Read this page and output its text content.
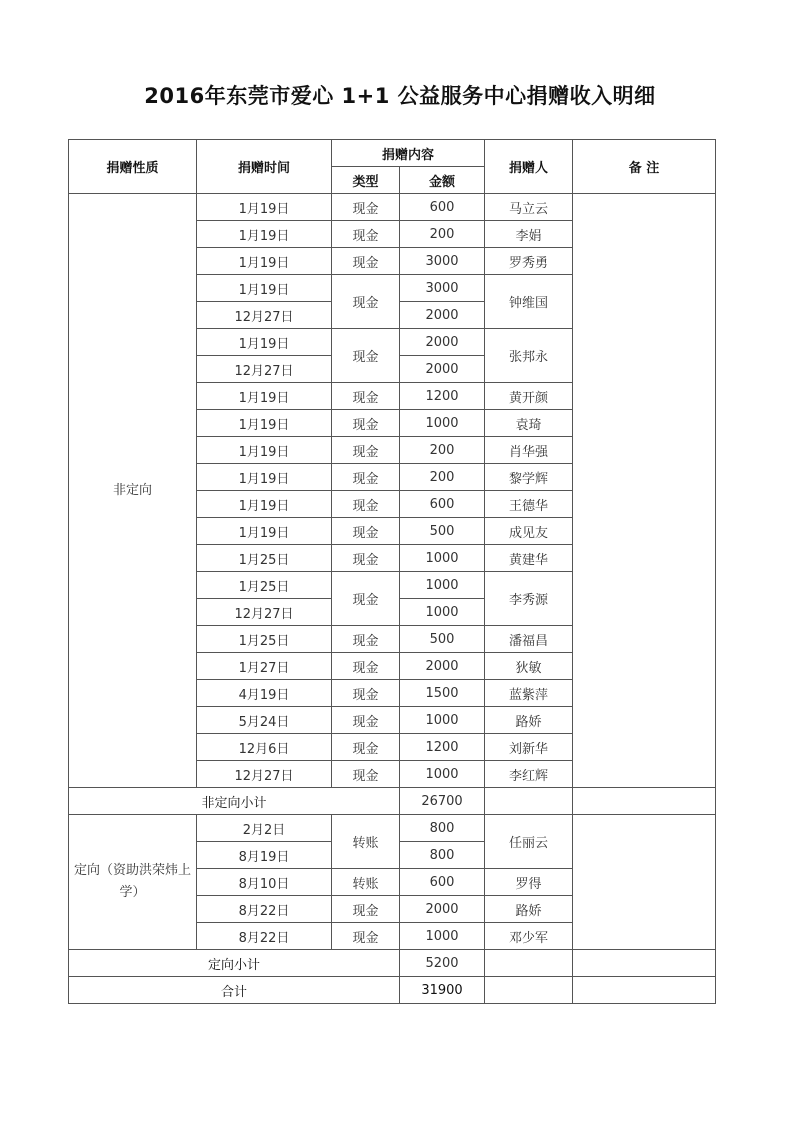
2016年东莞市爱心 1+1 公益服务中心捐赠收入明细
捐赠性质	捐赠时间	捐赠内容		捐赠人	备 注
		类型	金额		
非定向	1月19日	现金	600	马立云	
	1月19日	现金	200	李娟	
	1月19日	现金	3000	罗秀勇	
	1月19日	现金	3000	钟维国	
	12月27日		2000		
	1月19日	现金	2000	张邦永	
	12月27日		2000		
	1月19日	现金	1200	黄开颜	
	1月19日	现金	1000	袁琦	
	1月19日	现金	200	肖华强	
	1月19日	现金	200	黎学辉	
	1月19日	现金	600	王德华	
	1月19日	现金	500	成见友	
	1月25日	现金	1000	黄建华	
	1月25日	现金	1000	李秀源	
	12月27日		1000		
	1月25日	现金	500	潘福昌	
	1月27日	现金	2000	狄敏	
	4月19日	现金	1500	蓝紫萍	
	5月24日	现金	1000	路娇	
	12月6日	现金	1200	刘新华	
	12月27日	现金	1000	李红辉	
非定向小计			26700		
定向（资助洪荣炜上学）	2月2日	转账	800	任丽云	
	8月19日		800		
	8月10日	转账	600	罗得	
	8月22日	现金	2000	路娇	
	8月22日	现金	1000	邓少军	
定向小计			5200		
合计			31900		
